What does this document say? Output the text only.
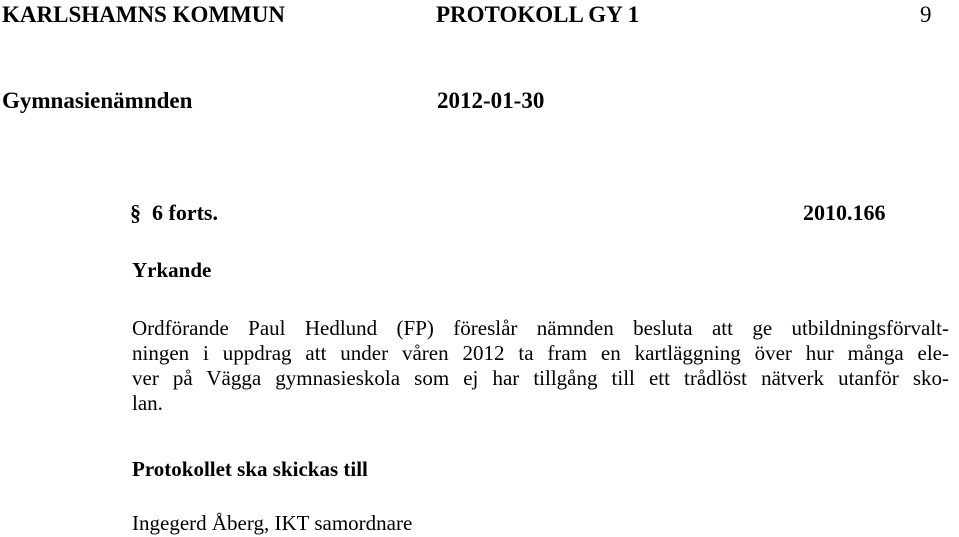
KARLSHAMNS KOMMUN	PROTOKOLL GY 1	9
Gymnasienämnden	2012-01-30
§ 6 forts.	2010.166
Yrkande
Ordförande Paul Hedlund (FP) föreslår nämnden besluta att ge utbildningsförvalt-
ningen i uppdrag att under våren 2012 ta fram en kartläggning över hur många ele-
ver på Vägga gymnasieskola som ej har tillgång till ett trådlöst nätverk utanför sko-
lan.
Protokollet ska skickas till
Ingegerd Åberg, IKT samordnare
